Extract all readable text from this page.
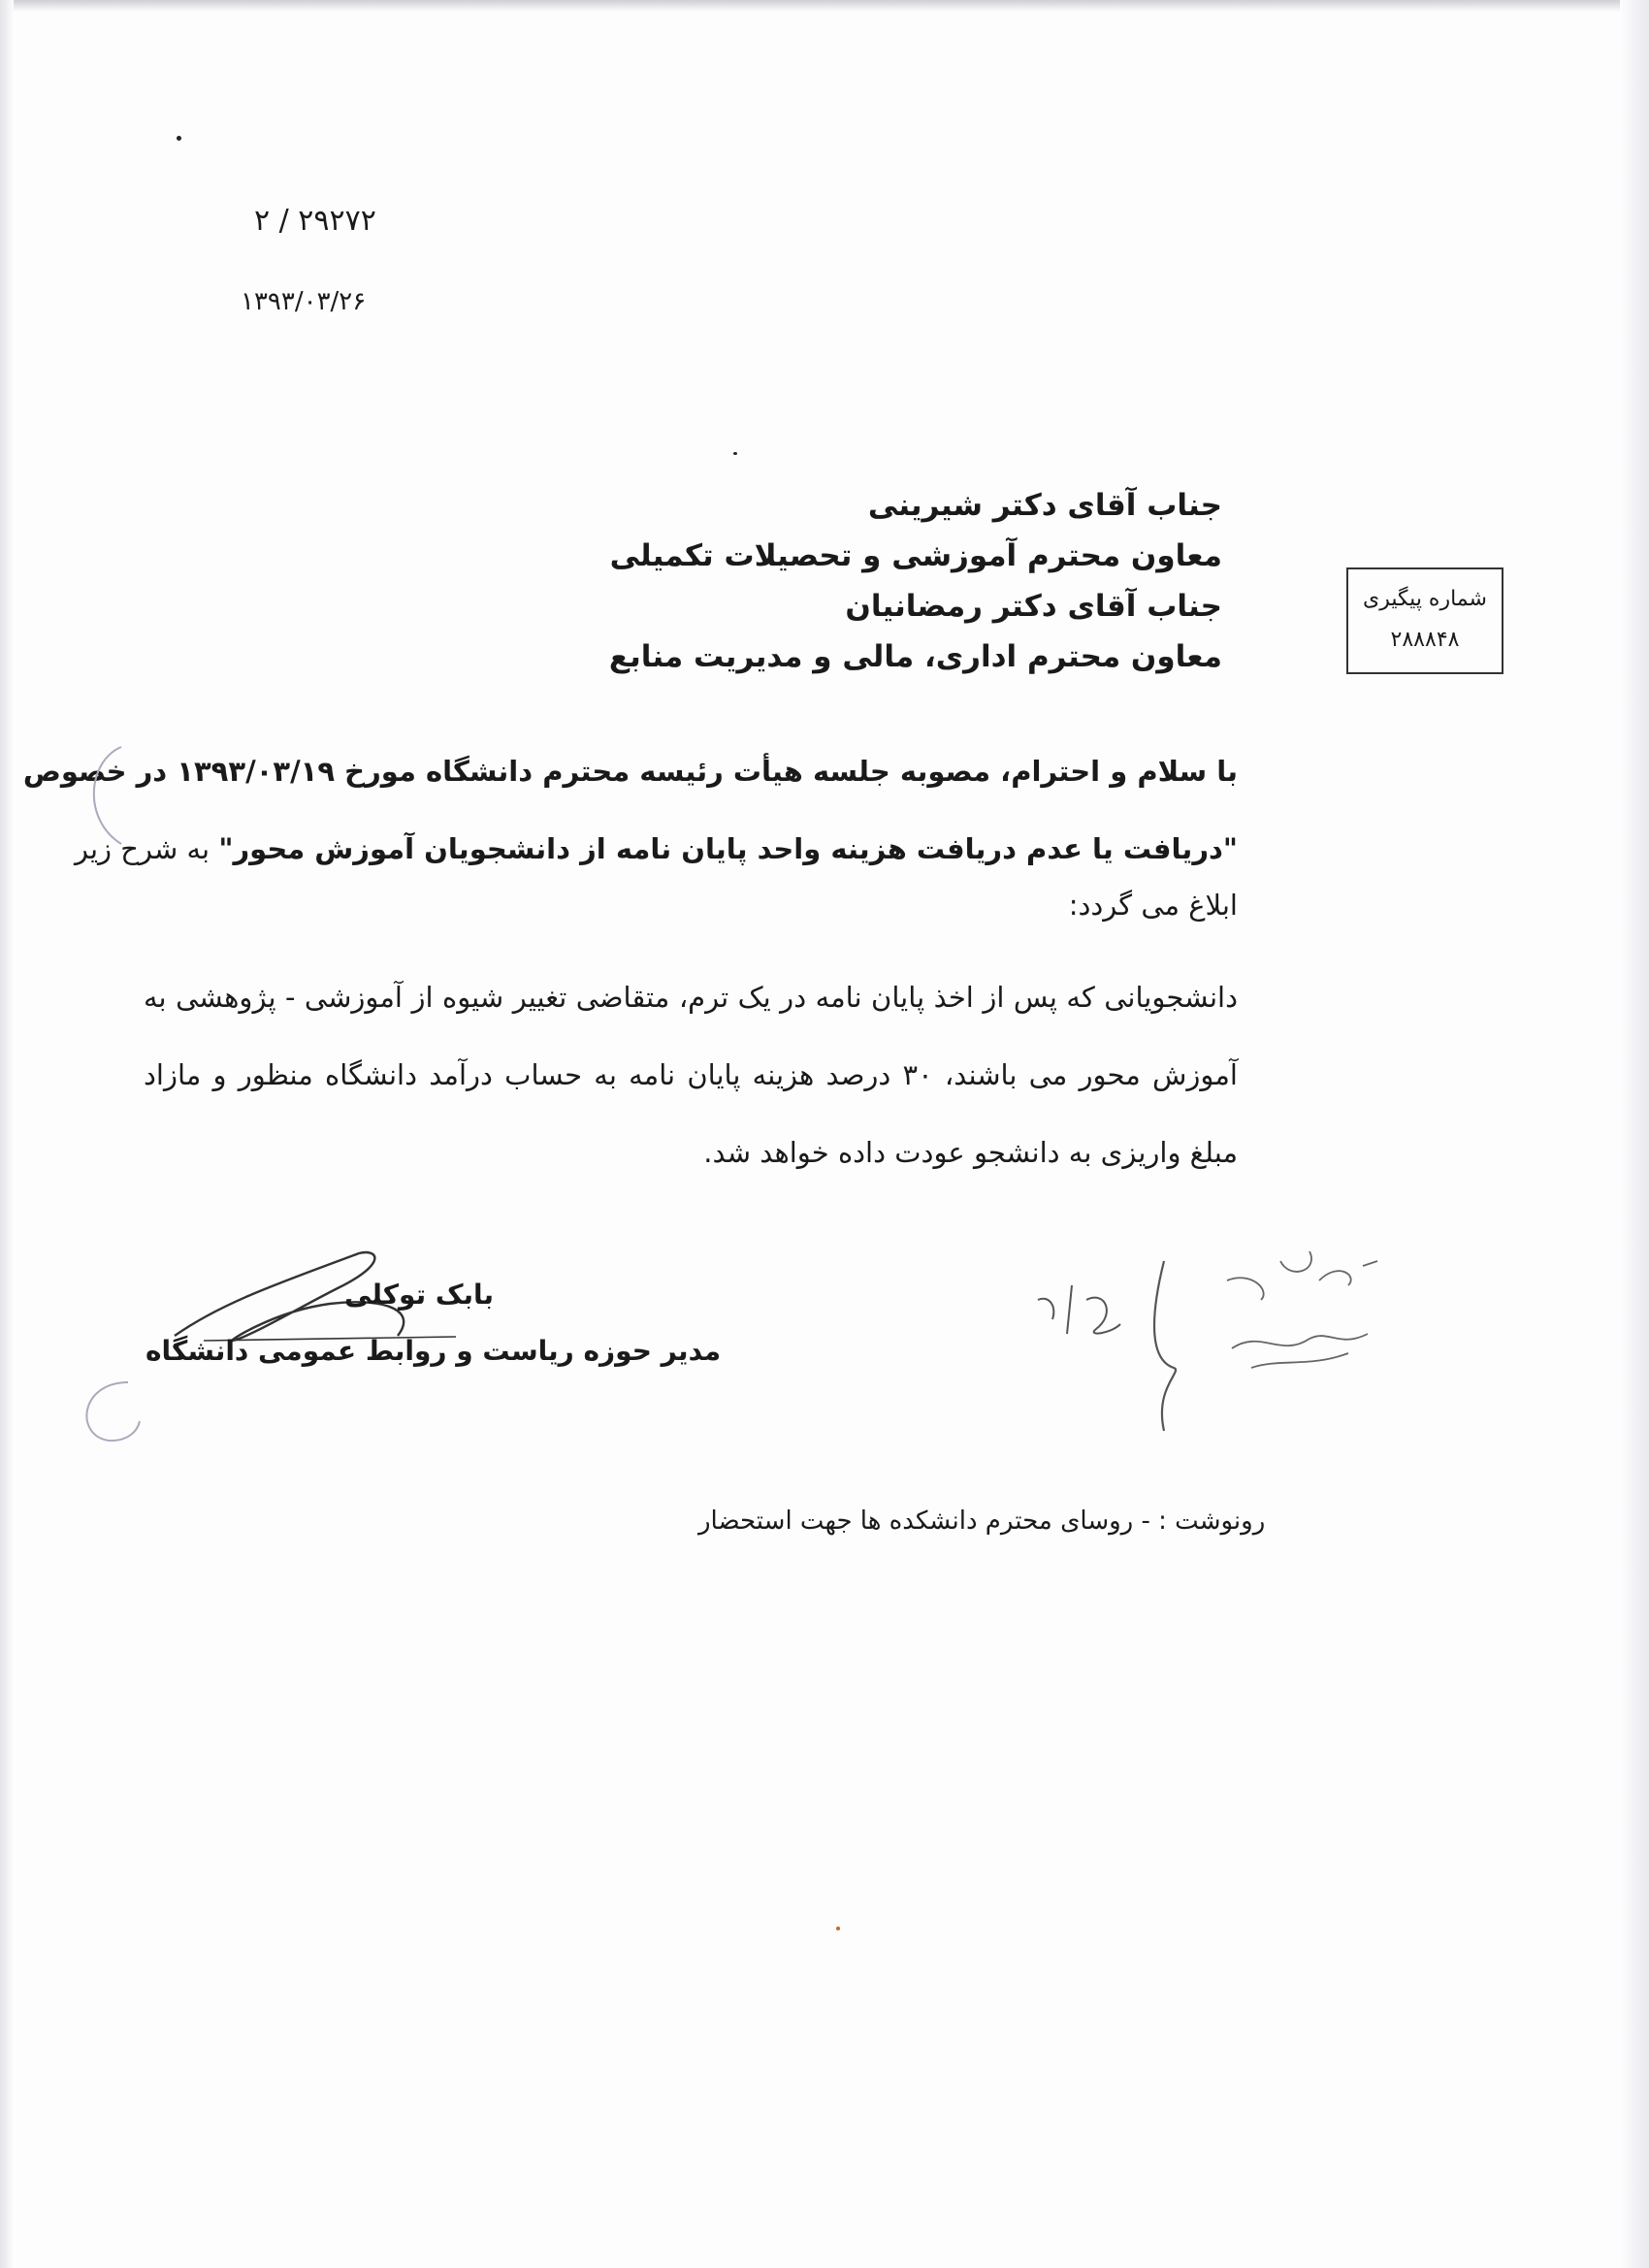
۲ / ۲۹۲۷۲
۱۳۹۳/۰۳/۲۶
شماره پیگیری
۲۸۸۸۴۸
جناب آقای دکتر شیرینی
معاون محترم آموزشی و تحصیلات تکمیلی
جناب آقای دکتر رمضانیان
معاون محترم اداری، مالی و مدیریت منابع
با سلام و احترام، مصوبه جلسه هیأت رئیسه محترم دانشگاه مورخ ۱۳۹۳/۰۳/۱۹ در خصوص
"دریافت یا عدم دریافت هزینه واحد پایان نامه از دانشجویان آموزش محور" به شرح زیر
ابلاغ می گردد:
دانشجویانی که پس از اخذ پایان نامه در یک ترم، متقاضی تغییر شیوه از آموزشی - پژوهشی به آموزش محور می باشند، ۳۰ درصد هزینه پایان نامه به حساب درآمد دانشگاه منظور و مازاد مبلغ واریزی به دانشجو عودت داده خواهد شد.
بابک توکلی
مدیر حوزه ریاست و روابط عمومی دانشگاه
رونوشت : - روسای محترم دانشکده ها جهت استحضار
